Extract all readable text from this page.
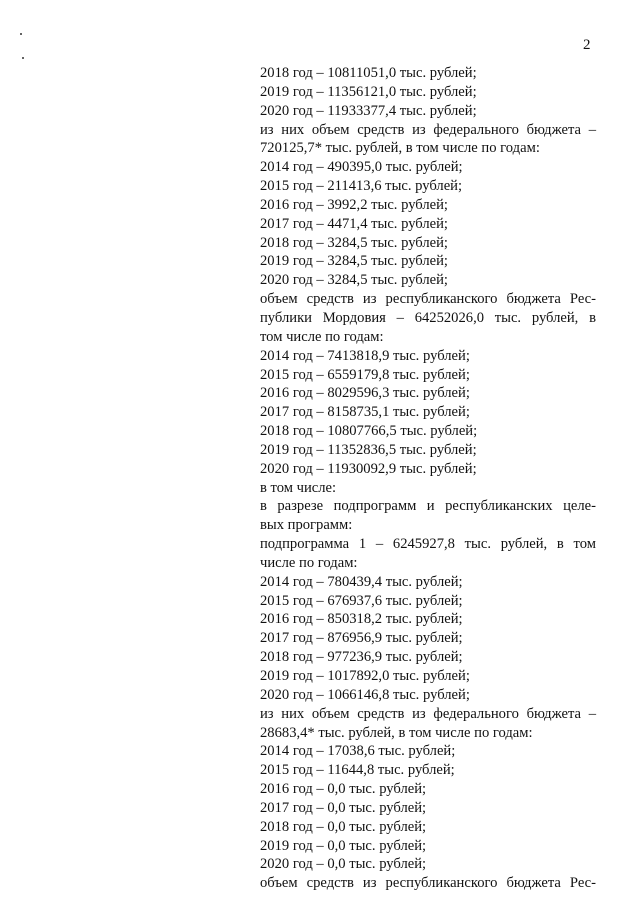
2
2018 год – 10811051,0 тыс. рублей;
2019 год – 11356121,0 тыс. рублей;
2020 год – 11933377,4 тыс. рублей;
из них объем средств из федерального бюджета –
720125,7* тыс. рублей, в том числе по годам:
2014 год – 490395,0 тыс. рублей;
2015 год – 211413,6 тыс. рублей;
2016 год – 3992,2 тыс. рублей;
2017 год – 4471,4 тыс. рублей;
2018 год – 3284,5 тыс. рублей;
2019 год – 3284,5 тыс. рублей;
2020 год – 3284,5 тыс. рублей;
объем средств из республиканского бюджета Рес-
публики Мордовия – 64252026,0 тыс. рублей, в
том числе по годам:
2014 год – 7413818,9 тыс. рублей;
2015 год – 6559179,8 тыс. рублей;
2016 год – 8029596,3 тыс. рублей;
2017 год – 8158735,1 тыс. рублей;
2018 год – 10807766,5 тыс. рублей;
2019 год – 11352836,5 тыс. рублей;
2020 год – 11930092,9 тыс. рублей;
в том числе:
в разрезе подпрограмм и республиканских целе-
вых программ:
подпрограмма 1 – 6245927,8 тыс. рублей, в том
числе по годам:
2014 год – 780439,4 тыс. рублей;
2015 год – 676937,6 тыс. рублей;
2016 год – 850318,2 тыс. рублей;
2017 год – 876956,9 тыс. рублей;
2018 год – 977236,9 тыс. рублей;
2019 год – 1017892,0 тыс. рублей;
2020 год – 1066146,8 тыс. рублей;
из них объем средств из федерального бюджета –
28683,4* тыс. рублей, в том числе по годам:
2014 год – 17038,6 тыс. рублей;
2015 год – 11644,8 тыс. рублей;
2016 год – 0,0 тыс. рублей;
2017 год – 0,0 тыс. рублей;
2018 год – 0,0 тыс. рублей;
2019 год – 0,0 тыс. рублей;
2020 год – 0,0 тыс. рублей;
объем средств из республиканского бюджета Рес-
